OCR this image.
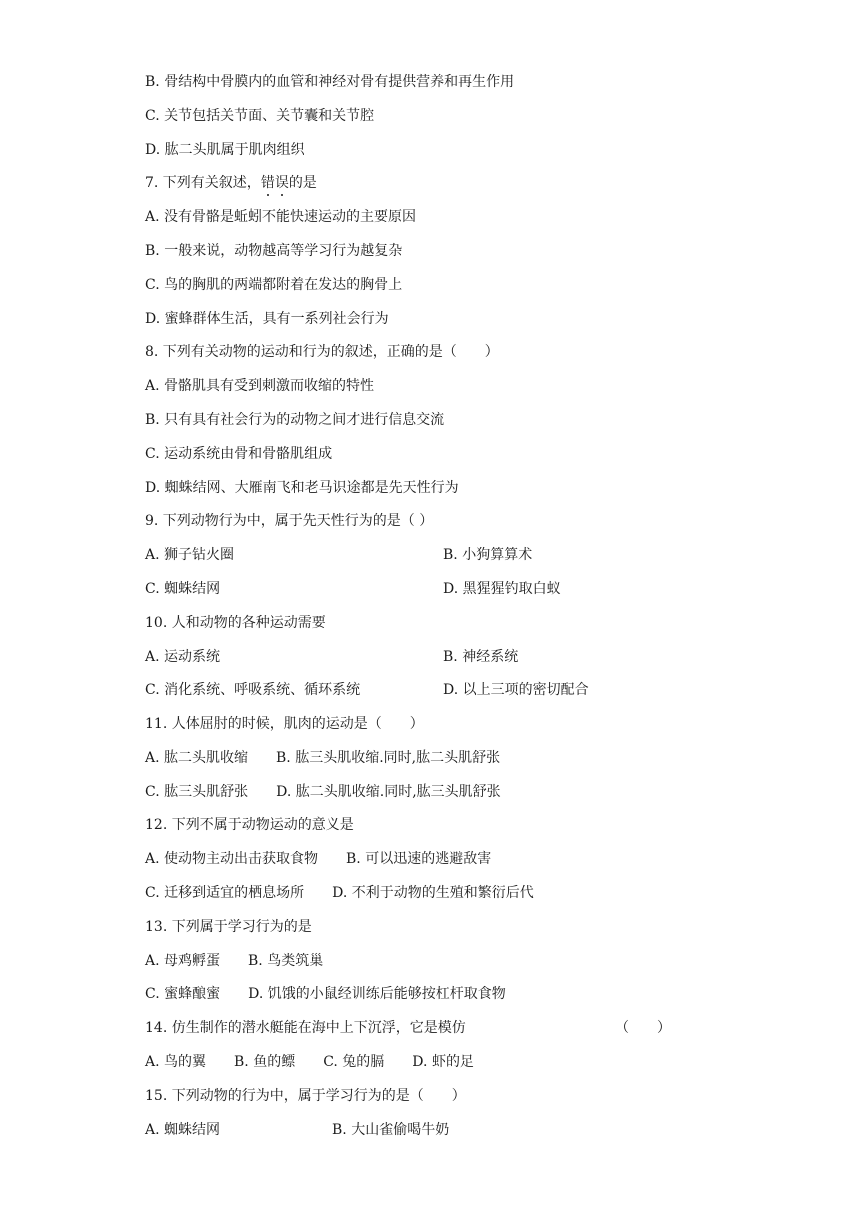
B. 骨结构中骨膜内的血管和神经对骨有提供营养和再生作用
C. 关节包括关节面、关节囊和关节腔
D. 肱二头肌属于肌肉组织
7. 下列有关叙述，错误的是
A. 没有骨骼是蚯蚓不能快速运动的主要原因
B. 一般来说，动物越高等学习行为越复杂
C. 鸟的胸肌的两端都附着在发达的胸骨上
D. 蜜蜂群体生活，具有一系列社会行为
8. 下列有关动物的运动和行为的叙述，正确的是（　　）
A. 骨骼肌具有受到刺激而收缩的特性
B. 只有具有社会行为的动物之间才进行信息交流
C. 运动系统由骨和骨骼肌组成
D. 蜘蛛结网、大雁南飞和老马识途都是先天性行为
9. 下列动物行为中，属于先天性行为的是（ ）
A. 狮子钻火圈	B. 小狗算算术
C. 蜘蛛结网	D. 黑猩猩钓取白蚁
10. 人和动物的各种运动需要
A. 运动系统	B. 神经系统
C. 消化系统、呼吸系统、循环系统	D. 以上三项的密切配合
11. 人体屈肘的时候，肌肉的运动是（　　）
A. 肱二头肌收缩　　B. 肱三头肌收缩.同时,肱二头肌舒张
C. 肱三头肌舒张　　D. 肱二头肌收缩.同时,肱三头肌舒张
12. 下列不属于动物运动的意义是
A. 使动物主动出击获取食物　　B. 可以迅速的逃避敌害
C. 迁移到适宜的栖息场所　　D. 不利于动物的生殖和繁衍后代
13. 下列属于学习行为的是
A. 母鸡孵蛋　　B. 鸟类筑巢
C. 蜜蜂酿蜜　　D. 饥饿的小鼠经训练后能够按杠杆取食物
14. 仿生制作的潜水艇能在海中上下沉浮，它是模仿	（　　）
A. 鸟的翼　　B. 鱼的鳔　　C. 兔的膈　　D. 虾的足
15. 下列动物的行为中，属于学习行为的是（　　）
A. 蜘蛛结网　　　　　　　　B. 大山雀偷喝牛奶
